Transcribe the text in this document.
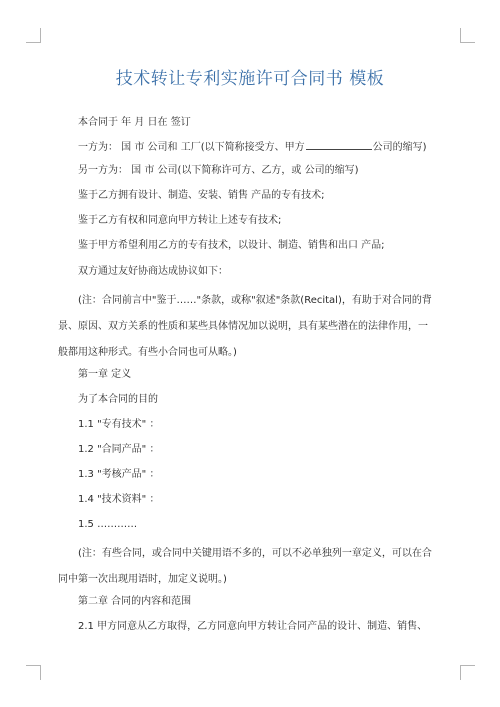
技术转让专利实施许可合同书 模板
本合同于 年 月 日在 签订
一方为： 国 市 公司和 工厂(以下简称接受方、甲方	公司的缩写)
另一方为： 国 市 公司(以下简称许可方、乙方，或 公司的缩写)
鉴于乙方拥有设计、制造、安装、销售 产品的专有技术;
鉴于乙方有权和同意向甲方转让上述专有技术;
鉴于甲方希望利用乙方的专有技术，以设计、制造、销售和出口 产品;
双方通过友好协商达成协议如下：
(注：合同前言中"鉴于……"条款，或称"叙述"条款(Recital)，有助于对合同的背
景、原因、双方关系的性质和某些具体情况加以说明，具有某些潜在的法律作用，一
般都用这种形式。有些小合同也可从略。)
第一章 定义
为了本合同的目的
1.1 "专有技术" ：
1.2 "合同产品" ：
1.3 "考核产品" ：
1.4 "技术资料" ：
1.5 …………
(注：有些合同，或合同中关键用语不多的，可以不必单独列一章定义，可以在合
同中第一次出现用语时，加定义说明。)
第二章 合同的内容和范围
2.1 甲方同意从乙方取得，乙方同意向甲方转让合同产品的设计、制造、销售、
